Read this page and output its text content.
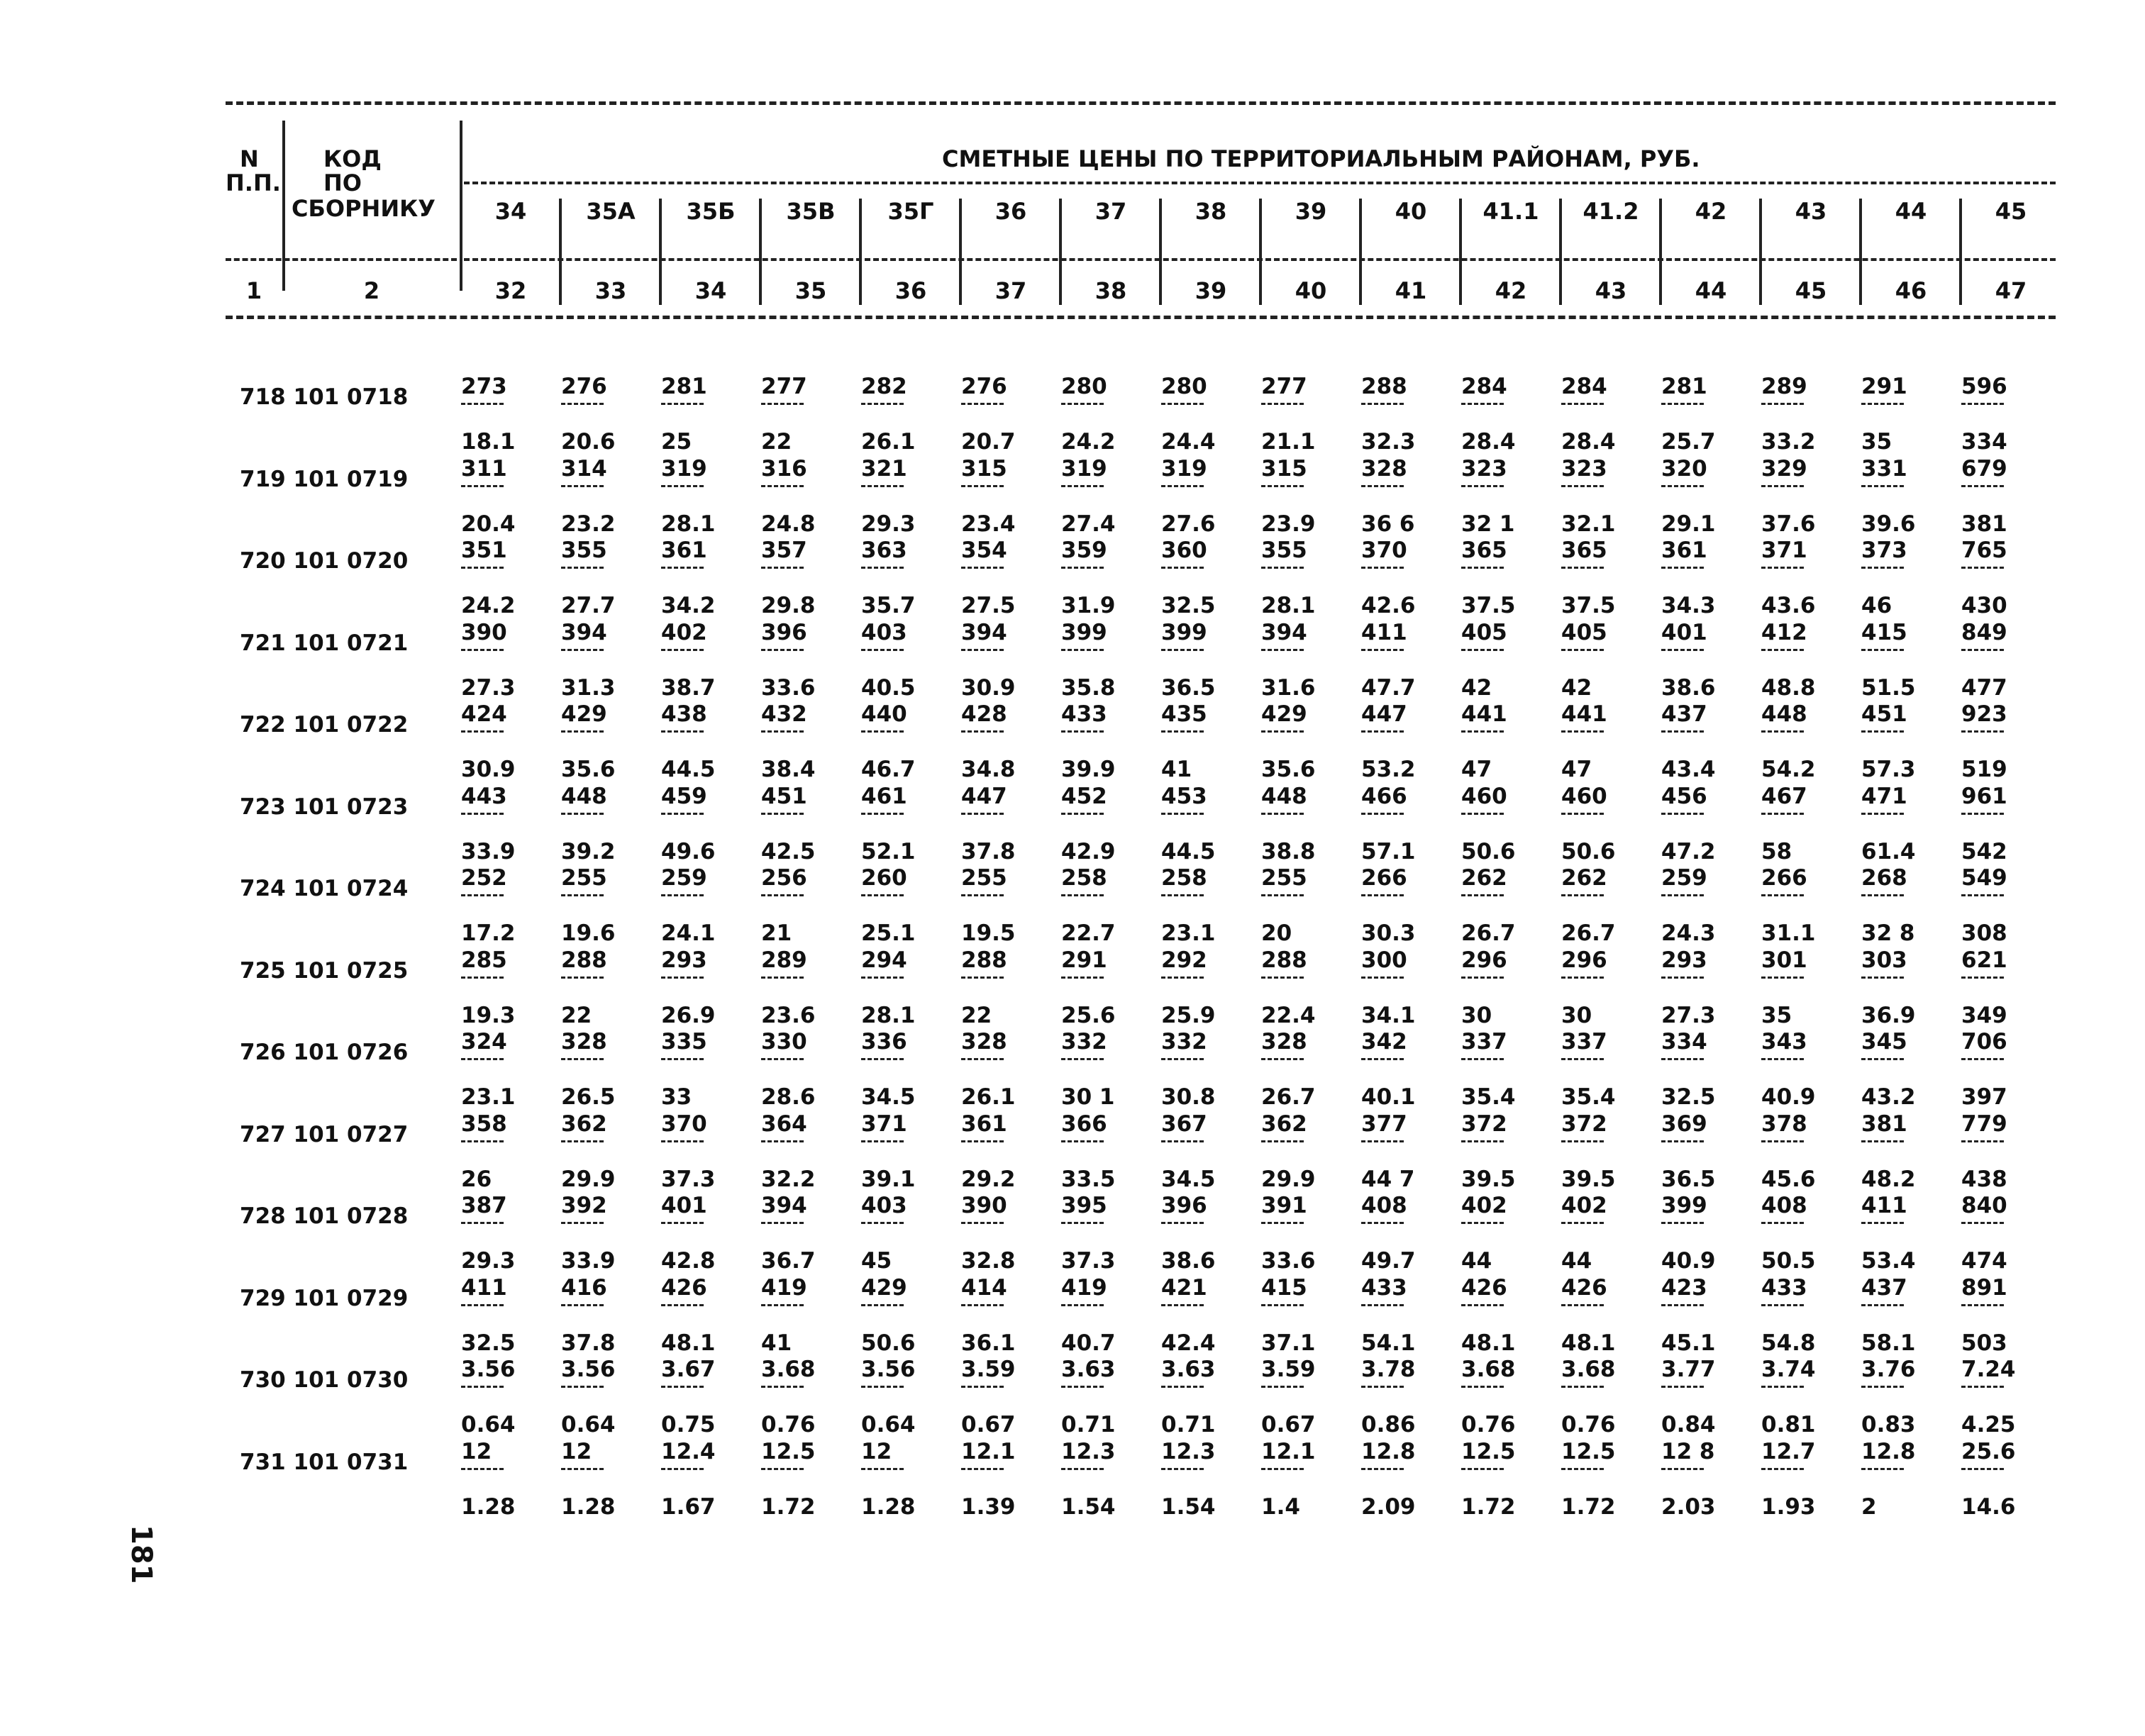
N
П.П.
КОД
ПО
СБОРНИКУ
СМЕТНЫЕ ЦЕНЫ ПО ТЕРРИТОРИАЛЬНЫМ РАЙОНАМ, РУБ.
1	2
34
32
35А
33
35Б
34
35В
35
35Г
36
36
37
37
38
38
39
39
40
40
41
41.1
42
41.2
43
42
44
43
45
44
46
45
47
718 101 0718 273
18.1
276
20.6
281
25
277
22
282
26.1
276
20.7
280
24.2
280
24.4
277
21.1
288
32.3
284
28.4
284
28.4
281
25.7
289
33.2
291
35
596
334
719 101 0719 311
20.4
314
23.2
319
28.1
316
24.8
321
29.3
315
23.4
319
27.4
319
27.6
315
23.9
328
36 6
323
32 1
323
32.1
320
29.1
329
37.6
331
39.6
679
381
720 101 0720 351
24.2
355
27.7
361
34.2
357
29.8
363
35.7
354
27.5
359
31.9
360
32.5
355
28.1
370
42.6
365
37.5
365
37.5
361
34.3
371
43.6
373
46
765
430
721 101 0721 390
27.3
394
31.3
402
38.7
396
33.6
403
40.5
394
30.9
399
35.8
399
36.5
394
31.6
411
47.7
405
42
405
42
401
38.6
412
48.8
415
51.5
849
477
722 101 0722 424
30.9
429
35.6
438
44.5
432
38.4
440
46.7
428
34.8
433
39.9
435
41
429
35.6
447
53.2
441
47
441
47
437
43.4
448
54.2
451
57.3
923
519
723 101 0723 443
33.9
448
39.2
459
49.6
451
42.5
461
52.1
447
37.8
452
42.9
453
44.5
448
38.8
466
57.1
460
50.6
460
50.6
456
47.2
467
58
471
61.4
961
542
724 101 0724 252
17.2
255
19.6
259
24.1
256
21
260
25.1
255
19.5
258
22.7
258
23.1
255
20
266
30.3
262
26.7
262
26.7
259
24.3
266
31.1
268
32 8
549
308
725 101 0725 285
19.3
288
22
293
26.9
289
23.6
294
28.1
288
22
291
25.6
292
25.9
288
22.4
300
34.1
296
30
296
30
293
27.3
301
35
303
36.9
621
349
726 101 0726 324
23.1
328
26.5
335
33
330
28.6
336
34.5
328
26.1
332
30 1
332
30.8
328
26.7
342
40.1
337
35.4
337
35.4
334
32.5
343
40.9
345
43.2
706
397
727 101 0727 358
26
362
29.9
370
37.3
364
32.2
371
39.1
361
29.2
366
33.5
367
34.5
362
29.9
377
44 7
372
39.5
372
39.5
369
36.5
378
45.6
381
48.2
779
438
728 101 0728 387
29.3
392
33.9
401
42.8
394
36.7
403
45
390
32.8
395
37.3
396
38.6
391
33.6
408
49.7
402
44
402
44
399
40.9
408
50.5
411
53.4
840
474
729 101 0729 411
32.5
416
37.8
426
48.1
419
41
429
50.6
414
36.1
419
40.7
421
42.4
415
37.1
433
54.1
426
48.1
426
48.1
423
45.1
433
54.8
437
58.1
891
503
730 101 0730 3.56
0.64
3.56
0.64
3.67
0.75
3.68
0.76
3.56
0.64
3.59
0.67
3.63
0.71
3.63
0.71
3.59
0.67
3.78
0.86
3.68
0.76
3.68
0.76
3.77
0.84
3.74
0.81
3.76
0.83
7.24
4.25
731 101 0731 12
1.28
12
1.28
12.4
1.67
12.5
1.72
12
1.28
12.1
1.39
12.3
1.54
12.3
1.54
12.1
1.4
12.8
2.09
12.5
1.72
12.5
1.72
12 8
2.03
12.7
1.93
12.8
2
25.6
14.6
181
